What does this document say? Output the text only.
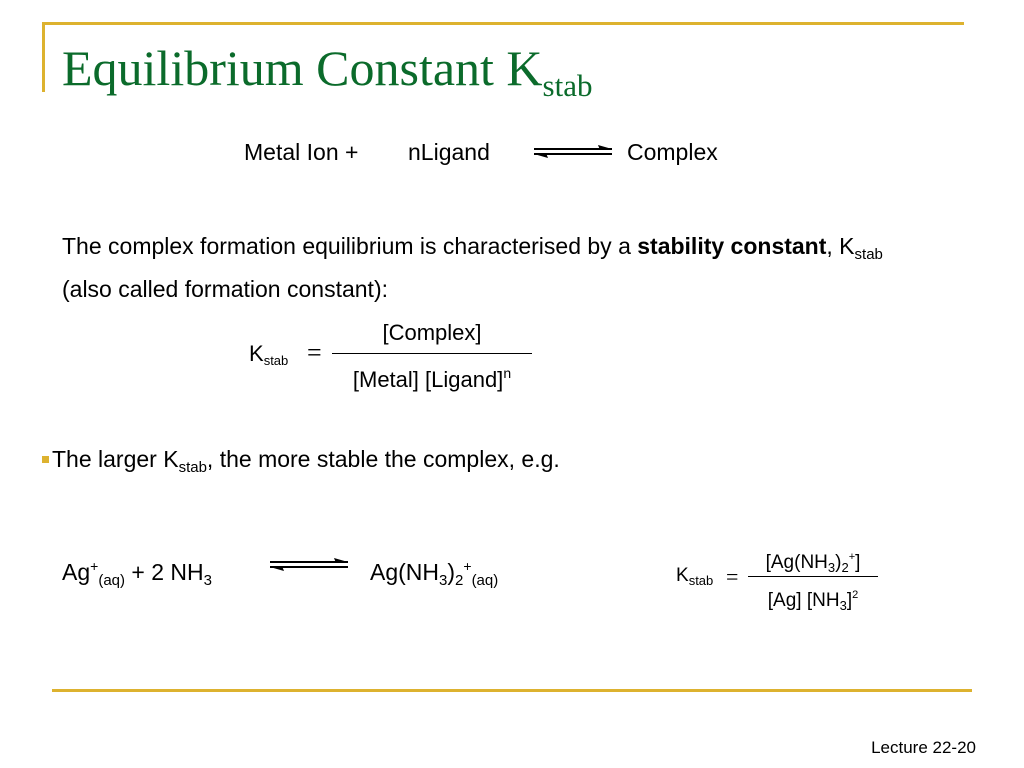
Equilibrium Constant $K_{stab}$
Metal Ion + nLigand	Complex

The complex formation equilibrium is characterised by a stability constant, $K_{stab}$ (also called formation constant):

Kstab =
[Complex]
[Metal] [Ligand]$^n$
The larger $K_{stab}$, the more stable the complex, e.g.
$Ag^+_{(aq)} + 2$ $NH_3$	$Ag(NH_3)_2^+_{(aq)}$	$K_{stab}$ =
$[Ag(NH_3)_2^+]$
[Ag] $[NH_3]^2$
Lecture 22-20
